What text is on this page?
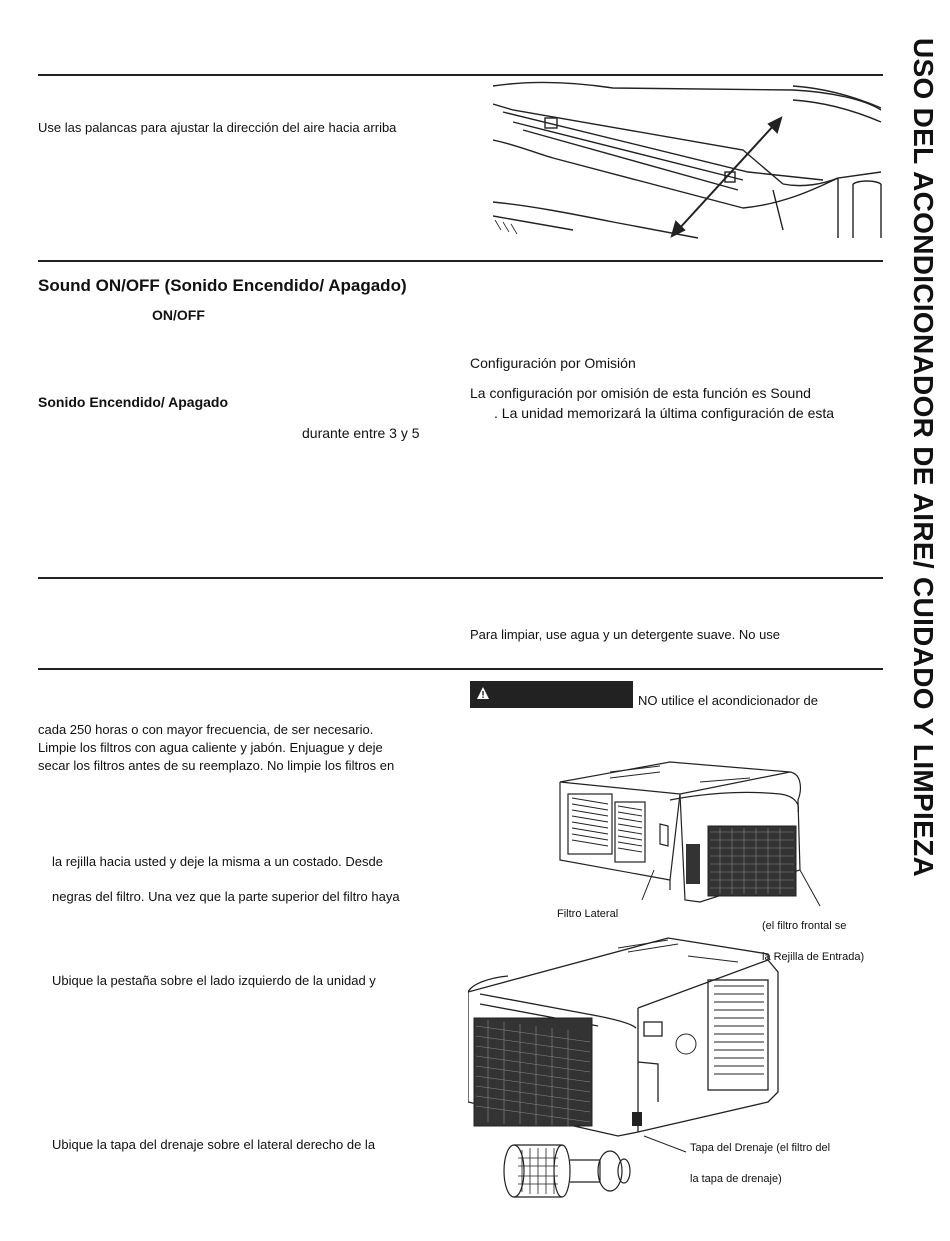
USO DEL ACONDICIONADOR DE AIRE/ CUIDADO Y LIMPIEZA
Use las palancas para ajustar la dirección del aire hacia arriba
Sound ON/OFF (Sonido Encendido/ Apagado)
ON/OFF
Sonido Encendido/ Apagado
durante entre 3 y 5
Configuración por Omisión
La configuración por omisión de esta función es Sound
. La unidad memorizará la última configuración de esta
Para limpiar, use agua y un detergente suave. No use
NO utilice el acondicionador de
cada 250 horas o con mayor frecuencia, de ser necesario.
Limpie los filtros con agua caliente y jabón. Enjuague y deje
secar los filtros antes de su reemplazo. No limpie los filtros en
la rejilla hacia usted y deje la misma a un costado. Desde
negras del filtro. Una vez que la parte superior del filtro haya
Ubique la pestaña sobre el lado izquierdo de la unidad y
Ubique la tapa del drenaje sobre el lateral derecho de la
Filtro Lateral
(el filtro frontal se
la Rejilla de Entrada)
Tapa del Drenaje (el filtro del
la tapa de drenaje)
